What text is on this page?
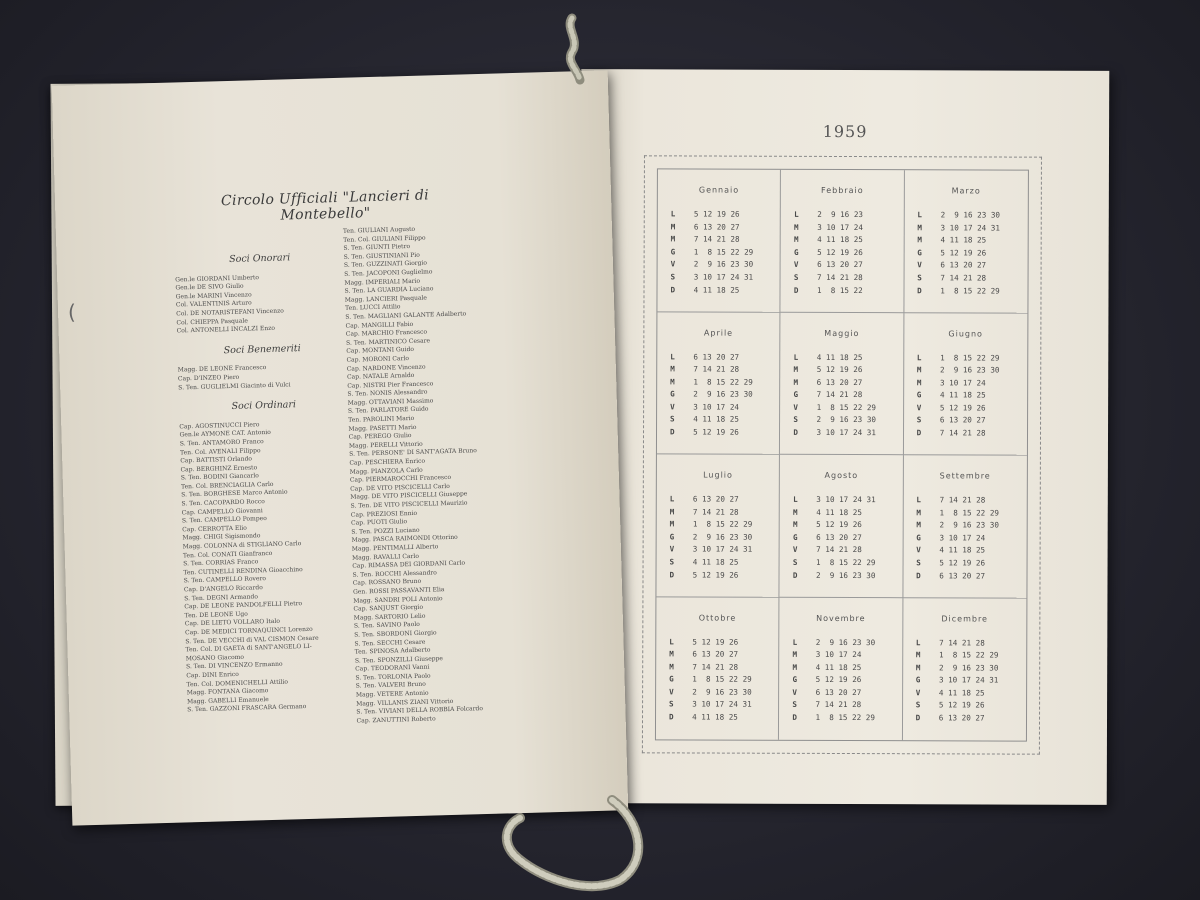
1959
Gennaio
L  5 12 19 26
M  6 13 20 27
M  7 14 21 28
G  1  8 15 22 29
V  2  9 16 23 30
S  3 10 17 24 31
D  4 11 18 25
Febbraio
L  2  9 16 23
M  3 10 17 24
M  4 11 18 25
G  5 12 19 26
V  6 13 20 27
S  7 14 21 28
D  1  8 15 22
Marzo
L  2  9 16 23 30
M  3 10 17 24 31
M  4 11 18 25
G  5 12 19 26
V  6 13 20 27
S  7 14 21 28
D  1  8 15 22 29
Aprile
L  6 13 20 27
M  7 14 21 28
M  1  8 15 22 29
G  2  9 16 23 30
V  3 10 17 24
S  4 11 18 25
D  5 12 19 26
Maggio
L  4 11 18 25
M  5 12 19 26
M  6 13 20 27
G  7 14 21 28
V  1  8 15 22 29
S  2  9 16 23 30
D  3 10 17 24 31
Giugno
L  1  8 15 22 29
M  2  9 16 23 30
M  3 10 17 24
G  4 11 18 25
V  5 12 19 26
S  6 13 20 27
D  7 14 21 28
Luglio
L  6 13 20 27
M  7 14 21 28
M  1  8 15 22 29
G  2  9 16 23 30
V  3 10 17 24 31
S  4 11 18 25
D  5 12 19 26
Agosto
L  3 10 17 24 31
M  4 11 18 25
M  5 12 19 26
G  6 13 20 27
V  7 14 21 28
S  1  8 15 22 29
D  2  9 16 23 30
Settembre
L  7 14 21 28
M  1  8 15 22 29
M  2  9 16 23 30
G  3 10 17 24
V  4 11 18 25
S  5 12 19 26
D  6 13 20 27
Ottobre
L  5 12 19 26
M  6 13 20 27
M  7 14 21 28
G  1  8 15 22 29
V  2  9 16 23 30
S  3 10 17 24 31
D  4 11 18 25
Novembre
L  2  9 16 23 30
M  3 10 17 24
M  4 11 18 25
G  5 12 19 26
V  6 13 20 27
S  7 14 21 28
D  1  8 15 22 29
Dicembre
L  7 14 21 28
M  1  8 15 22 29
M  2  9 16 23 30
G  3 10 17 24 31
V  4 11 18 25
S  5 12 19 26
D  6 13 20 27
Circolo Ufficiali "Lancieri di Montebello"
Soci Onorari
Gen.le GIORDANI Umberto
Gen.le DE SIVO Giulio
Gen.le MARINI Vincenzo
Col. VALENTINIS Arturo
Col. DE NOTARISTEFANI Vincenzo
Col. CHIEPPA Pasquale
Col. ANTONELLI INCALZI Enzo
Soci Benemeriti
Magg. DE LEONE Francesco
Cap. D'INZEO Piero
S. Ten. GUGLIELMI Giacinto di Vulci
Soci Ordinari
Cap. AGOSTINUCCI Piero
Gen.le AYMONE CAT. Antonio
S. Ten. ANTAMORO Franco
Ten. Col. AVENALI Filippo
Cap. BATTISTI Orlando
Cap. BERGHINZ Ernesto
S. Ten. BODINI Giancarlo
Ten. Col. BRENCIAGLIA Carlo
S. Ten. BORGHESE Marco Antonio
S. Ten. CACOPARDO Rocco
Cap. CAMPELLO Giovanni
S. Ten. CAMPELLO Pompeo
Cap. CERROTTA Elio
Magg. CHIGI Sigismondo
Magg. COLONNA di STIGLIANO Carlo
Ten. Col. CONATI Gianfranco
S. Ten. CORRIAS Franco
Ten. CUTINELLI RENDINA Gioacchino
S. Ten. CAMPELLO Rovero
Cap. D'ANGELO Riccardo
S. Ten. DEGNI Armando
Cap. DE LEONE PANDOLFELLI Pietro
Ten. DE LEONE Ugo
Cap. DE LIETO VOLLARO Italo
Cap. DE MEDICI TORNAQUINCI Lorenzo
S. Ten. DE VECCHI di VAL CISMON Cesare
Ten. Col. DI GAETA di SANT'ANGELO LI-
MOSANO Giacomo
S. Ten. DI VINCENZO Ermanno
Cap. DINI Enrico
Ten. Col. DOMENICHELLI Attilio
Magg. FONTANA Giacomo
Magg. GABELLI Emanuele
S. Ten. GAZZONI FRASCARA Germano
Ten. GIULIANI Augusto
Ten. Col. GIULIANI Filippo
S. Ten. GIUNTI Pietro
S. Ten. GIUSTINIANI Pio
S. Ten. GUZZINATI Giorgio
S. Ten. JACOPONI Guglielmo
Magg. IMPERIALI Mario
S. Ten. LA GUARDIA Luciano
Magg. LANCIERI Pasquale
Ten. LUCCI Attilio
S. Ten. MAGLIANI GALANTE Adalberto
Cap. MANGILLI Fabio
Cap. MARCHIO Francesco
S. Ten. MARTINICO Cesare
Cap. MONTANI Guido
Cap. MORONI Carlo
Cap. NARDONE Vincenzo
Cap. NATALE Arnaldo
Cap. NISTRI Pier Francesco
S. Ten. NONIS Alessandro
Magg. OTTAVIANI Massimo
S. Ten. PARLATORE Guido
Ten. PAROLINI Mario
Magg. PASETTI Mario
Cap. PEREGO Giulio
Magg. PERELLI Vittorio
S. Ten. PERSONE' DI SANT'AGATA Bruno
Cap. PESCHIERA Enrico
Magg. PIANZOLA Carlo
Cap. PIERMAROCCHI Francesco
Cap. DE VITO PISCICELLI Carlo
Magg. DE VITO PISCICELLI Giuseppe
S. Ten. DE VITO PISCICELLI Maurizio
Cap. PREZIOSI Ennio
Cap. PUOTI Giulio
S. Ten. POZZI Luciano
Magg. PASCA RAIMONDI Ottorino
Magg. PENTIMALLI Alberto
Magg. RAVALLI Carlo
Cap. RIMASSA DEI GIORDANI Carlo
S. Ten. ROCCHI Alessandro
Cap. ROSSANO Bruno
Gen. ROSSI PASSAVANTI Elia
Magg. SANDRI POLI Antonio
Cap. SANJUST Giorgio
Magg. SARTORIO Lelio
S. Ten. SAVINO Paolo
S. Ten. SBORDONI Giorgio
S. Ten. SECCHI Cesare
Ten. SPINOSA Adalberto
S. Ten. SPONZILLI Giuseppe
Cap. TEODORANI Vanni
S. Ten. TORLONIA Paolo
S. Ten. VALVERI Bruno
Magg. VETERE Antonio
Magg. VILLANIS ZIANI Vittorio
S. Ten. VIVIANI DELLA ROBBIA Folcardo
Cap. ZANUTTINI Roberto
(
